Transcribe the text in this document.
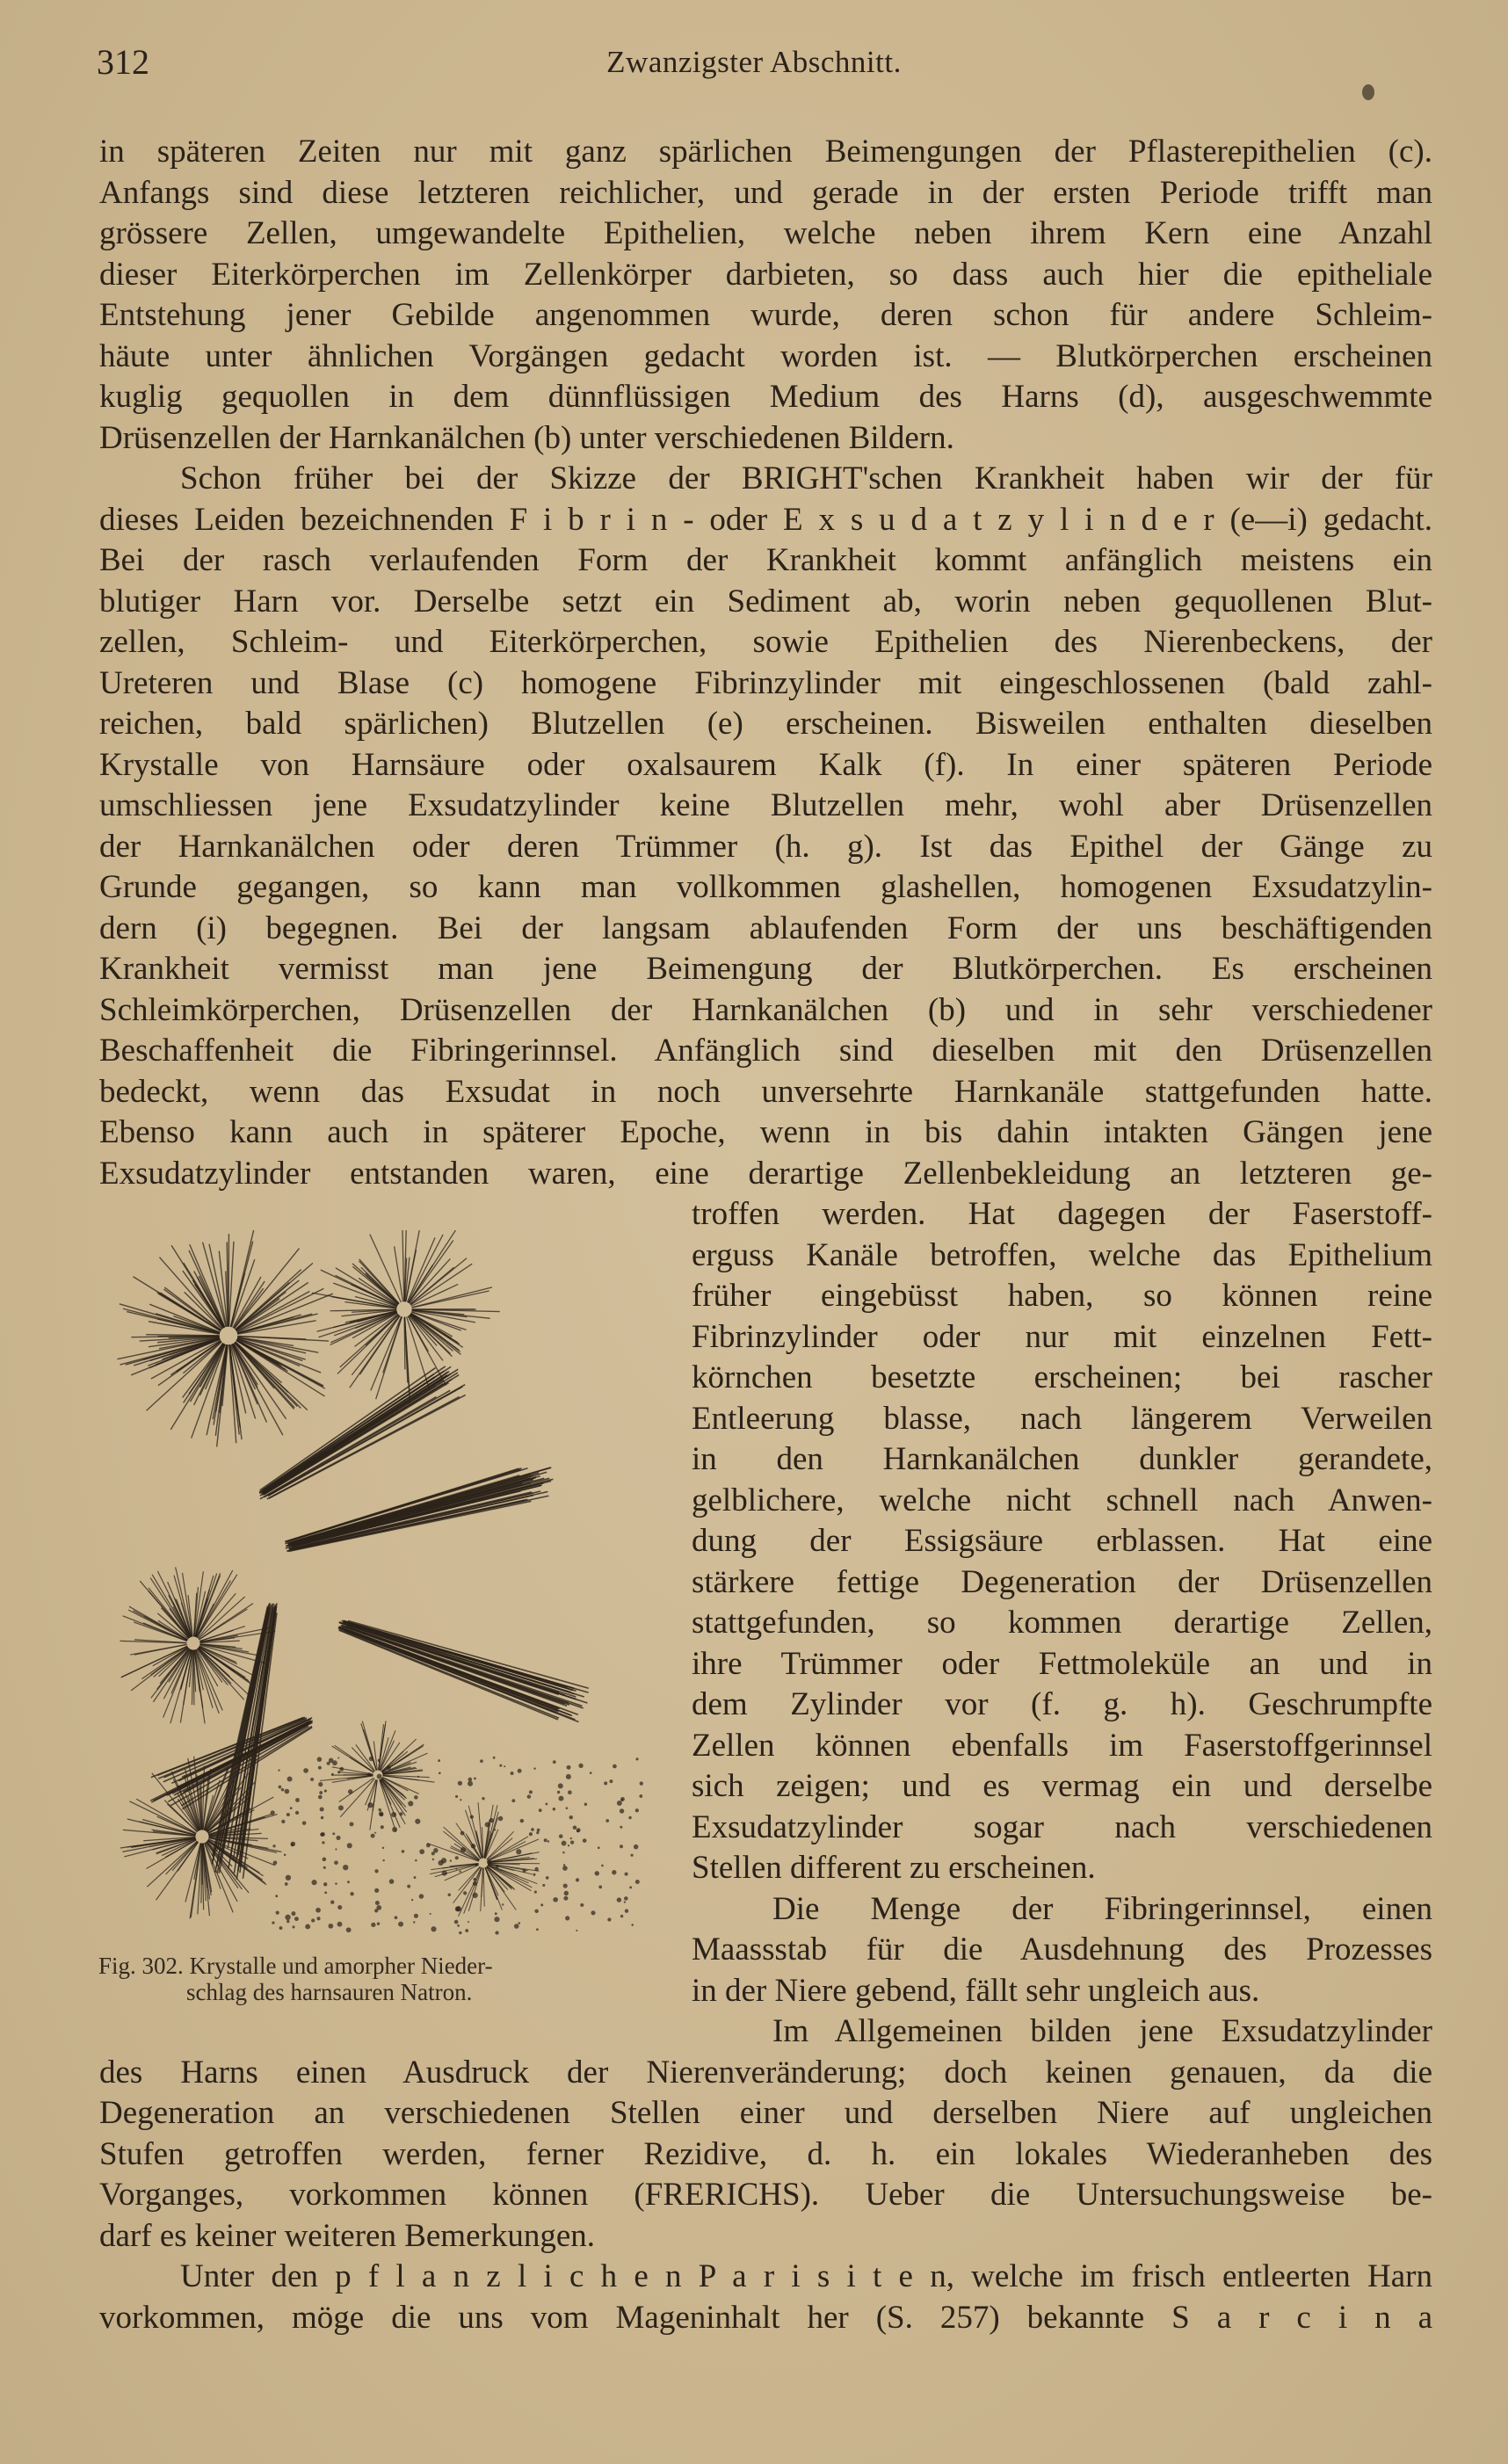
312	Zwanzigster Abschnitt.
in späteren Zeiten nur mit ganz spärlichen Beimengungen der Pflasterepithelien (c).
Anfangs sind diese letzteren reichlicher, und gerade in der ersten Periode trifft man
grössere Zellen, umgewandelte Epithelien, welche neben ihrem Kern eine Anzahl
dieser Eiterkörperchen im Zellenkörper darbieten, so dass auch hier die epitheliale
Entstehung jener Gebilde angenommen wurde, deren schon für andere Schleim-
häute unter ähnlichen Vorgängen gedacht worden ist. — Blutkörperchen erscheinen
kuglig gequollen in dem dünnflüssigen Medium des Harns (d), ausgeschwemmte
Drüsenzellen der Harnkanälchen (b) unter verschiedenen Bildern.
Schon früher bei der Skizze der BRIGHT'schen Krankheit haben wir der für
dieses Leiden bezeichnenden F i b r i n - oder E x s u d a t z y l i n d e r (e—i) gedacht.
Bei der rasch verlaufenden Form der Krankheit kommt anfänglich meistens ein
blutiger Harn vor. Derselbe setzt ein Sediment ab, worin neben gequollenen Blut-
zellen, Schleim- und Eiterkörperchen, sowie Epithelien des Nierenbeckens, der
Ureteren und Blase (c) homogene Fibrinzylinder mit eingeschlossenen (bald zahl-
reichen, bald spärlichen) Blutzellen (e) erscheinen. Bisweilen enthalten dieselben
Krystalle von Harnsäure oder oxalsaurem Kalk (f). In einer späteren Periode
umschliessen jene Exsudatzylinder keine Blutzellen mehr, wohl aber Drüsenzellen
der Harnkanälchen oder deren Trümmer (h. g). Ist das Epithel der Gänge zu
Grunde gegangen, so kann man vollkommen glashellen, homogenen Exsudatzylin-
dern (i) begegnen. Bei der langsam ablaufenden Form der uns beschäftigenden
Krankheit vermisst man jene Beimengung der Blutkörperchen. Es erscheinen
Schleimkörperchen, Drüsenzellen der Harnkanälchen (b) und in sehr verschiedener
Beschaffenheit die Fibringerinnsel. Anfänglich sind dieselben mit den Drüsenzellen
bedeckt, wenn das Exsudat in noch unversehrte Harnkanäle stattgefunden hatte.
Ebenso kann auch in späterer Epoche, wenn in bis dahin intakten Gängen jene
Exsudatzylinder entstanden waren, eine derartige Zellenbekleidung an letzteren ge-
troffen werden. Hat dagegen der Faserstoff-
erguss Kanäle betroffen, welche das Epithelium
früher eingebüsst haben, so können reine
Fibrinzylinder oder nur mit einzelnen Fett-
körnchen besetzte erscheinen; bei rascher
Entleerung blasse, nach längerem Verweilen
in den Harnkanälchen dunkler gerandete,
gelblichere, welche nicht schnell nach Anwen-
dung der Essigsäure erblassen. Hat eine
stärkere fettige Degeneration der Drüsenzellen
stattgefunden, so kommen derartige Zellen,
ihre Trümmer oder Fettmoleküle an und in
dem Zylinder vor (f. g. h). Geschrumpfte
Zellen können ebenfalls im Faserstoffgerinnsel
sich zeigen; und es vermag ein und derselbe
Exsudatzylinder sogar nach verschiedenen
Stellen different zu erscheinen.
Die Menge der Fibringerinnsel, einen
Maassstab für die Ausdehnung des Prozesses
in der Niere gebend, fällt sehr ungleich aus.
Im Allgemeinen bilden jene Exsudatzylinder
des Harns einen Ausdruck der Nierenveränderung; doch keinen genauen, da die
Degeneration an verschiedenen Stellen einer und derselben Niere auf ungleichen
Stufen getroffen werden, ferner Rezidive, d. h. ein lokales Wiederanheben des
Vorganges, vorkommen können (FRERICHS). Ueber die Untersuchungsweise be-
darf es keiner weiteren Bemerkungen.
Unter den p f l a n z l i c h e n P a r i s i t e n, welche im frisch entleerten Harn
vorkommen, möge die uns vom Mageninhalt her (S. 257) bekannte S a r c i n a
Fig. 302. Krystalle und amorpher Nieder-
schlag des harnsauren Natron.
